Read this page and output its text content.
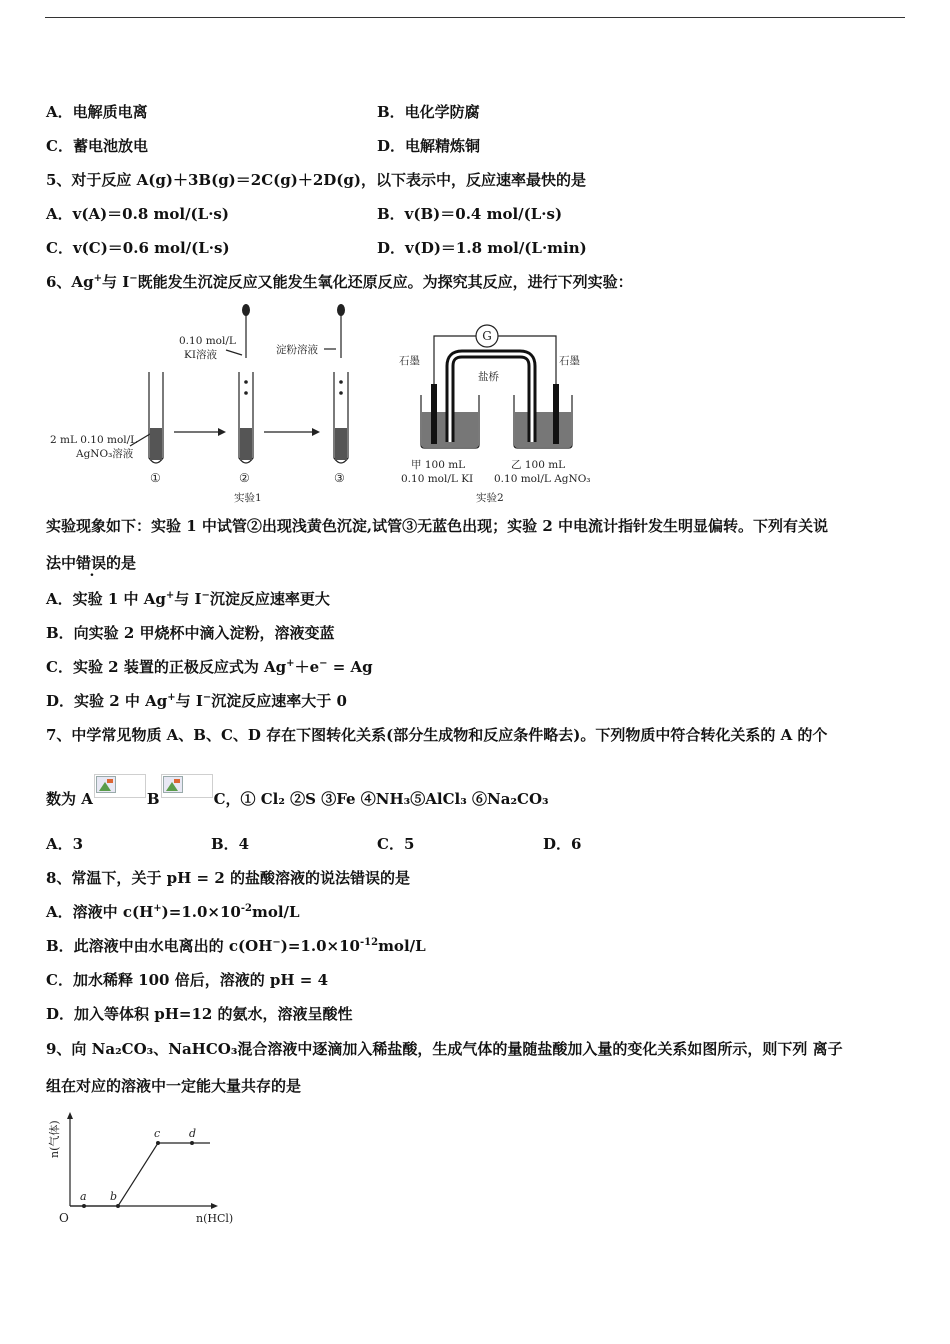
A．电解质电离	B．电化学防腐
C．蓄电池放电	D．电解精炼铜
5、对于反应 A(g)＋3B(g)＝2C(g)＋2D(g)，以下表示中，反应速率最快的是
A．v(A)＝0.8 mol/(L·s)	B．v(B)＝0.4 mol/(L·s)
C．v(C)＝0.6 mol/(L·s)	D．v(D)＝1.8 mol/(L·min)
6、Ag+与 I−既能发生沉淀反应又能发生氧化还原反应。为探究其反应，进行下列实验：
0.10 mol/L
KI溶液	淀粉溶液
2 mL 0.10 mol/L
AgNO₃溶液
①	②	③
实验1
G
石墨	石墨
盐桥
甲 100 mL
0.10 mol/L KI
乙 100 mL
0.10 mol/L AgNO₃
实验2
实验现象如下：实验 1 中试管②出现浅黄色沉淀,试管③无蓝色出现；实验 2 中电流计指针发生明显偏转。下列有关说
法中错误的是
A．实验 1 中 Ag+与 I−沉淀反应速率更大
B．向实验 2 甲烧杯中滴入淀粉，溶液变蓝
C．实验 2 装置的正极反应式为 Ag+＋e− = Ag
D．实验 2 中 Ag+与 I−沉淀反应速率大于 0
7、中学常见物质 A、B、C、D 存在下图转化关系(部分生成物和反应条件略去)。下列物质中符合转化关系的 A 的个
数为 A	B	C，① Cl₂ ②S ③Fe ④NH₃⑤AlCl₃ ⑥Na₂CO₃
A．3	B．4	C．5	D．6
8、常温下，关于 pH = 2 的盐酸溶液的说法错误的是
A．溶液中 $c(H^+)=1.0\times 10^{-2}mol/L$
B．此溶液中由水电离出的 $c(OH^-)=1.0\times 10^{-12}mol/L$
C．加水稀释 100 倍后，溶液的 pH = 4
D．加入等体积 pH=12 的氨水，溶液呈酸性
9、向 Na₂CO₃、NaHCO₃混合溶液中逐滴加入稀盐酸，生成气体的量随盐酸加入量的变化关系如图所示，则下列 离子
组在对应的溶液中一定能大量共存的是
n(气体)
n(HCl)
O
a b
c	d
